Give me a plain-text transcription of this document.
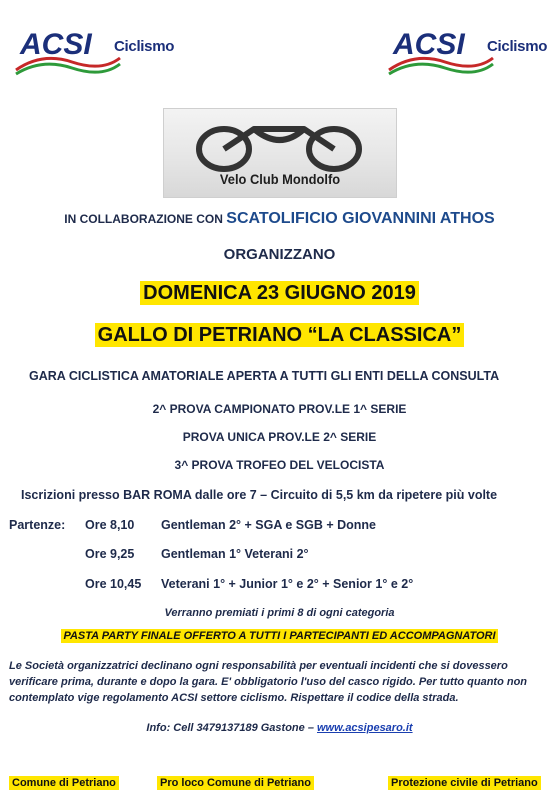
ACSI Ciclismo	ACSI Ciclismo
Velo Club Mondolfo
IN COLLABORAZIONE CON SCATOLIFICIO GIOVANNINI ATHOS
ORGANIZZANO
DOMENICA 23 GIUGNO 2019
GALLO DI PETRIANO “LA CLASSICA”
GARA CICLISTICA AMATORIALE APERTA A TUTTI GLI ENTI DELLA CONSULTA
2^ PROVA CAMPIONATO PROV.LE 1^ SERIE
PROVA UNICA PROV.LE 2^ SERIE
3^ PROVA TROFEO DEL VELOCISTA
Iscrizioni presso BAR ROMA dalle ore 7 – Circuito di 5,5 km da ripetere più volte
Partenze: Ore 8,10 Gentleman 2° + SGA e SGB + Donne
Ore 9,25 Gentleman 1° Veterani 2°
Ore 10,45 Veterani 1° + Junior 1° e 2° + Senior 1° e 2°
Verranno premiati i primi 8 di ogni categoria
PASTA PARTY FINALE OFFERTO A TUTTI I PARTECIPANTI ED ACCOMPAGNATORI
Le Società organizzatrici declinano ogni responsabilità per eventuali incidenti che si dovessero verificare prima, durante e dopo la gara. E' obbligatorio l'uso del casco rigido. Per tutto quanto non contemplato vige regolamento ACSI settore ciclismo. Rispettare il codice della strada.
Info: Cell 3479137189 Gastone – www.acsipesaro.it
Comune di Petriano	Pro loco Comune di Petriano	Protezione civile di Petriano
